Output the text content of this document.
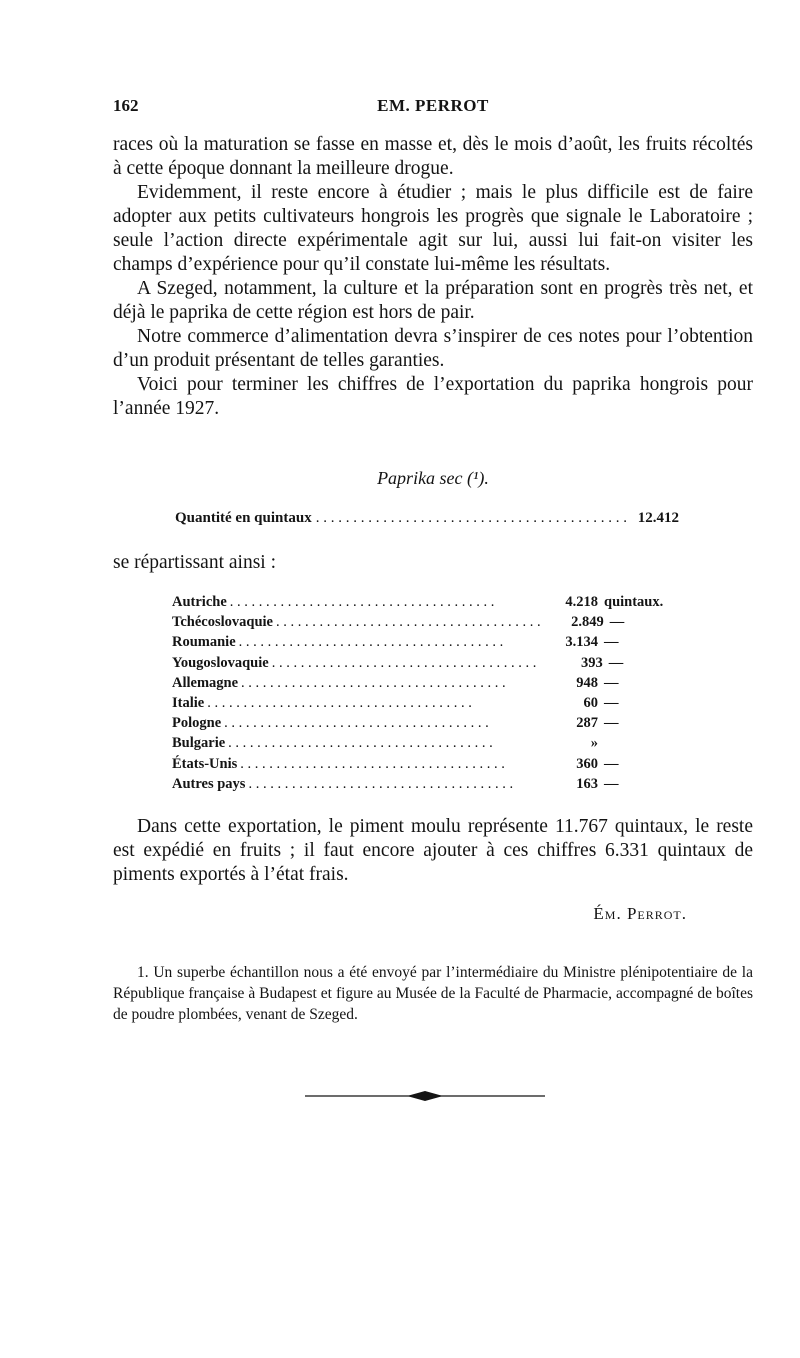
162	EM. PERROT

races où la maturation se fasse en masse et, dès le mois d’août, les fruits récoltés à cette époque donnant la meilleure drogue.

Evidemment, il reste encore à étudier ; mais le plus difficile est de faire adopter aux petits cultivateurs hongrois les progrès que signale le Laboratoire ; seule l’action directe expérimentale agit sur lui, aussi lui fait-on visiter les champs d’expérience pour qu’il constate lui-même les résultats.

A Szeged, notamment, la culture et la préparation sont en progrès très net, et déjà le paprika de cette région est hors de pair.

Notre commerce d’alimentation devra s’inspirer de ces notes pour l’obtention d’un produit présentant de telles garanties.

Voici pour terminer les chiffres de l’exportation du paprika hongrois pour l’année 1927.

Paprika sec (¹).
Quantité en quintaux . . . . . . . . . . . . . . . . . . . . . . . . . . . . . . . . . . . . . . . . . . 12.412
se répartissant ainsi :
Autriche . . . . . . . . . . . . . . . . . . . . . . . . . . . . . . . . . . . . .	4.218 quintaux.
Tchécoslovaquie . . . . . . . . . . . . . . . . . . . . . . . . . . . . . . . . . . . . .	2.849 —
Roumanie . . . . . . . . . . . . . . . . . . . . . . . . . . . . . . . . . . . . .	3.134 —
Yougoslovaquie . . . . . . . . . . . . . . . . . . . . . . . . . . . . . . . . . . . . .	393 —
Allemagne . . . . . . . . . . . . . . . . . . . . . . . . . . . . . . . . . . . . .	948 —
Italie . . . . . . . . . . . . . . . . . . . . . . . . . . . . . . . . . . . . .	60 —
Pologne . . . . . . . . . . . . . . . . . . . . . . . . . . . . . . . . . . . . .	287 —
Bulgarie . . . . . . . . . . . . . . . . . . . . . . . . . . . . . . . . . . . . .	»
États-Unis . . . . . . . . . . . . . . . . . . . . . . . . . . . . . . . . . . . . .	360 —
Autres pays . . . . . . . . . . . . . . . . . . . . . . . . . . . . . . . . . . . . .	163 —

Dans cette exportation, le piment moulu représente 11.767 quintaux, le reste est expédié en fruits ; il faut encore ajouter à ces chiffres 6.331 quintaux de piments exportés à l’état frais.

Ém. Perrot.

1. Un superbe échantillon nous a été envoyé par l’intermédiaire du Ministre plénipotentiaire de la République française à Budapest et figure au Musée de la Faculté de Pharmacie, accompagné de boîtes de poudre plombées, venant de Szeged.
